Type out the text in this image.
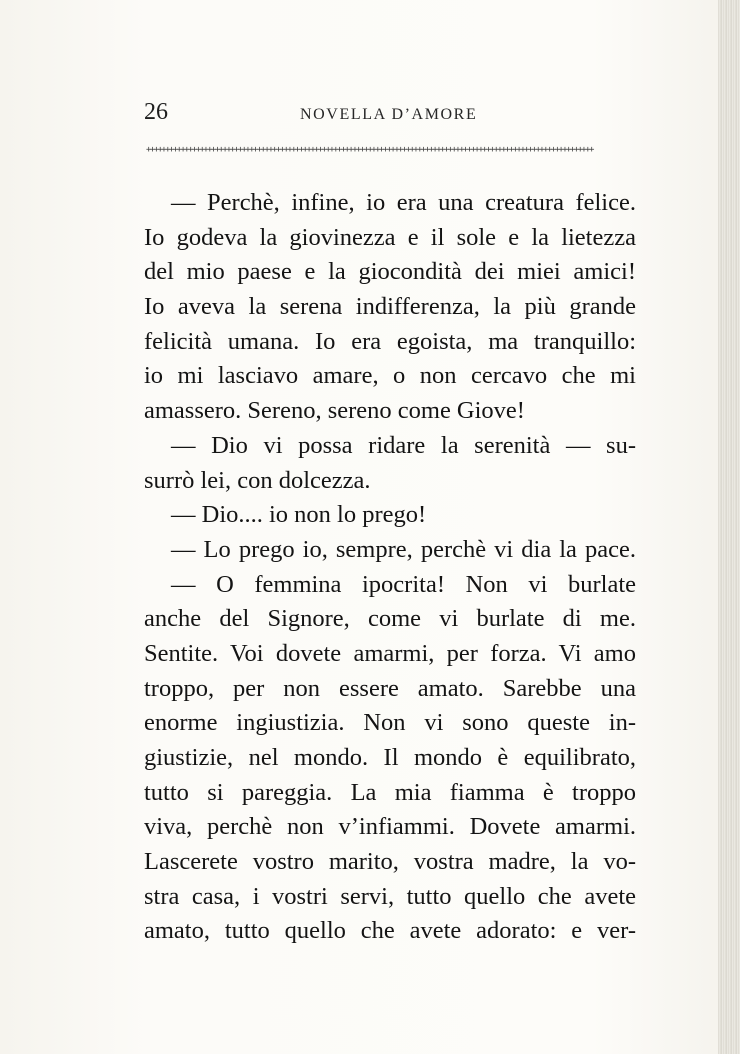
26	NOVELLA D’AMORE
+++++++++++++++++++++++++++++++++++++++++++++++++++++++++++++++++++++++++++++++++++++++++++++++++++++++++++++++++++++
— Perchè, infine, io era una creatura felice.
Io godeva la giovinezza e il sole e la lietezza
del mio paese e la giocondità dei miei amici!
Io aveva la serena indifferenza, la più grande
felicità umana. Io era egoista, ma tranquillo:
io mi lasciavo amare, o non cercavo che mi
amassero. Sereno, sereno come Giove!
— Dio vi possa ridare la serenità — su-
surrò lei, con dolcezza.
— Dio.... io non lo prego!
— Lo prego io, sempre, perchè vi dia la pace.
— O femmina ipocrita! Non vi burlate
anche del Signore, come vi burlate di me.
Sentite. Voi dovete amarmi, per forza. Vi amo
troppo, per non essere amato. Sarebbe una
enorme ingiustizia. Non vi sono queste in-
giustizie, nel mondo. Il mondo è equilibrato,
tutto si pareggia. La mia fiamma è troppo
viva, perchè non v’infiammi. Dovete amarmi.
Lascerete vostro marito, vostra madre, la vo-
stra casa, i vostri servi, tutto quello che avete
amato, tutto quello che avete adorato: e ver-
